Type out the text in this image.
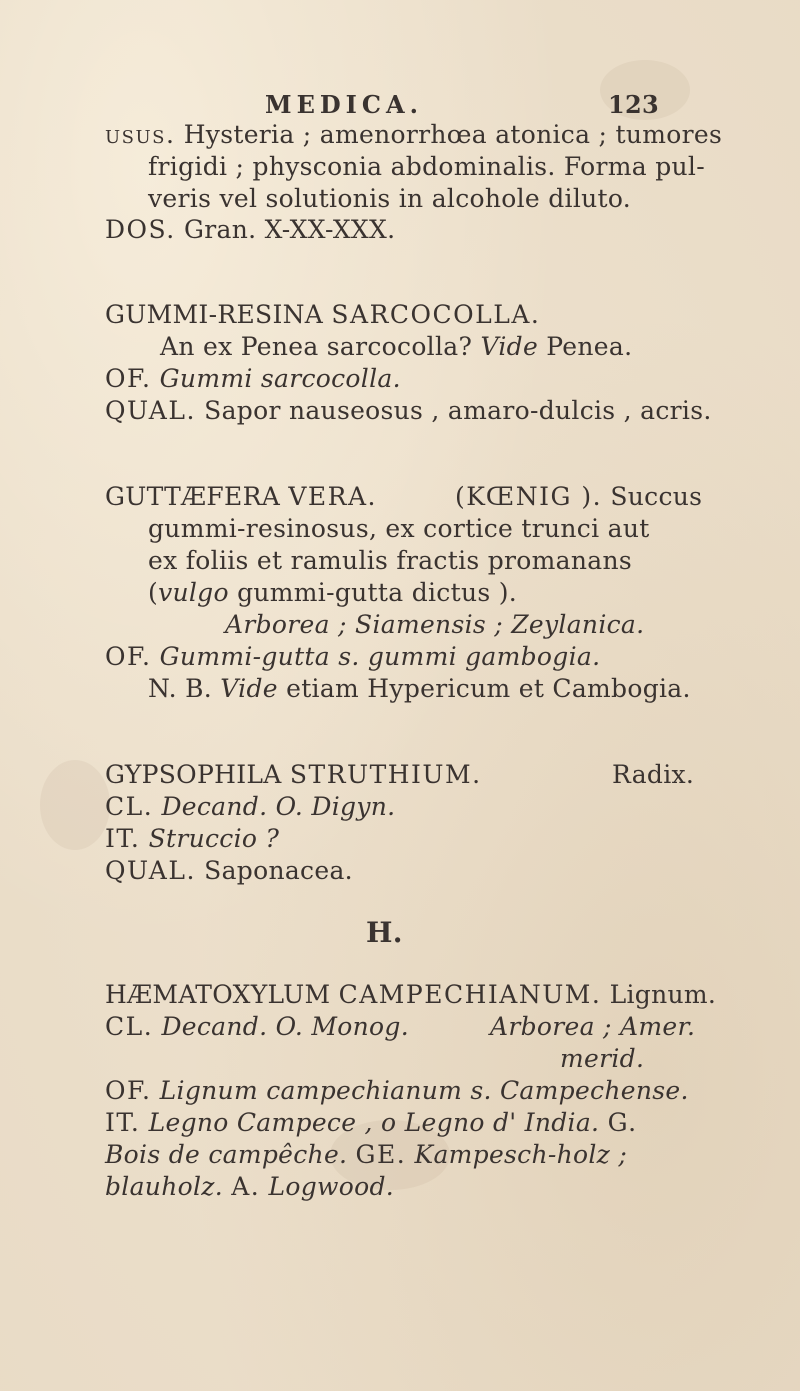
MEDICA.	123
usus. Hysteria ; amenorrhœa atonica ; tumores
frigidi ; physconia abdominalis. Forma pul-
veris vel solutionis in alcohole diluto.
DOS. Gran. X-XX-XXX.
GUMMI-RESINA SARCOCOLLA.
An ex Penea sarcocolla? Vide Penea.
OF. Gummi sarcocolla.
QUAL. Sapor nauseosus , amaro-dulcis , acris.
GUTTÆFERA VERA.	(KŒNIG ). Succus
gummi-resinosus, ex cortice trunci aut
ex foliis et ramulis fractis promanans
(vulgo gummi-gutta dictus ).
Arborea ; Siamensis ; Zeylanica.
OF. Gummi-gutta s. gummi gambogia.
N. B. Vide etiam Hypericum et Cambogia.
GYPSOPHILA STRUTHIUM.	Radix.
CL. Decand. O. Digyn.
IT. Struccio ?
QUAL. Saponacea.
H.
HÆMATOXYLUM CAMPECHIANUM. Lignum.
CL. Decand. O. Monog.	Arborea ; Amer.
merid.
OF. Lignum campechianum s. Campechense.
IT. Legno Campece , o Legno d' India. G.
Bois de campêche. GE. Kampesch-holz ;
blauholz. A. Logwood.
